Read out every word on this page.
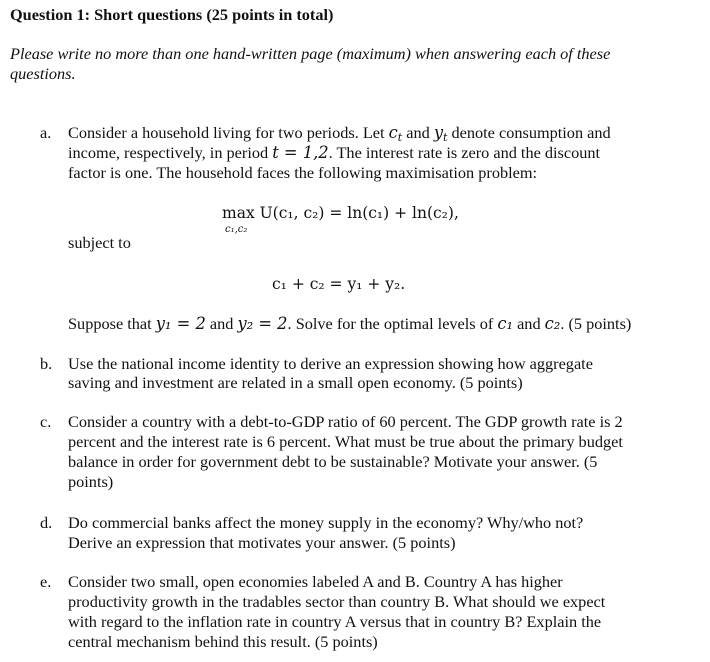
Question 1: Short questions (25 points in total)
Please write no more than one hand-written page (maximum) when answering each of these questions.
a. Consider a household living for two periods. Let $c_t$ and $y_t$ denote consumption and
income, respectively, in period t = 1,2. The interest rate is zero and the discount
factor is one. The household faces the following maximisation problem:
max U(c₁, c₂) = ln(c₁) + ln(c₂),
c₁,c₂
subject to
c₁ + c₂ = y₁ + y₂.
Suppose that y₁ = 2 and y₂ = 2. Solve for the optimal levels of c₁ and c₂. (5 points)
b. Use the national income identity to derive an expression showing how aggregate
saving and investment are related in a small open economy. (5 points)
c. Consider a country with a debt-to-GDP ratio of 60 percent. The GDP growth rate is 2
percent and the interest rate is 6 percent. What must be true about the primary budget
balance in order for government debt to be sustainable? Motivate your answer. (5
points)
d. Do commercial banks affect the money supply in the economy? Why/who not?
Derive an expression that motivates your answer. (5 points)
e. Consider two small, open economies labeled A and B. Country A has higher
productivity growth in the tradables sector than country B. What should we expect
with regard to the inflation rate in country A versus that in country B? Explain the
central mechanism behind this result. (5 points)
